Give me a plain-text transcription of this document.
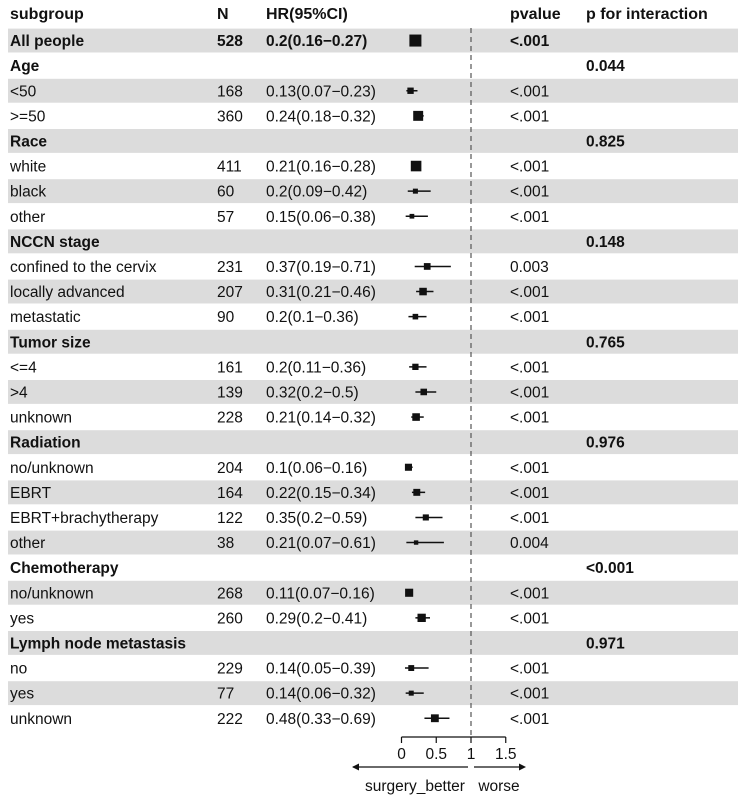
subgroup	N HR(95%CI)	pvalue p for interaction
All people	528 0.2(0.16−0.27)	<.001
Age	0.044
<50	168 0.13(0.07−0.23)	<.001
>=50	360 0.24(0.18−0.32)	<.001
Race	0.825
white	411 0.21(0.16−0.28)	<.001
black	60 0.2(0.09−0.42)	<.001
other	57 0.15(0.06−0.38)	<.001
NCCN stage	0.148
confined to the cervix	231 0.37(0.19−0.71)	0.003
locally advanced	207 0.31(0.21−0.46)	<.001
metastatic	90 0.2(0.1−0.36)	<.001
Tumor size	0.765
<=4	161 0.2(0.11−0.36)	<.001
>4	139 0.32(0.2−0.5)	<.001
unknown	228 0.21(0.14−0.32)	<.001
Radiation	0.976
no/unknown	204 0.1(0.06−0.16)	<.001
EBRT	164 0.22(0.15−0.34)	<.001
EBRT+brachytherapy	122 0.35(0.2−0.59)	<.001
other	38 0.21(0.07−0.61)	0.004
Chemotherapy	<0.001
no/unknown	268 0.11(0.07−0.16)	<.001
yes	260 0.29(0.2−0.41)	<.001
Lymph node metastasis	0.971
no	229 0.14(0.05−0.39)	<.001
yes	77 0.14(0.06−0.32)	<.001
unknown	222 0.48(0.33−0.69)	<.001
0 0.5 1 1.5
surgery_better worse
